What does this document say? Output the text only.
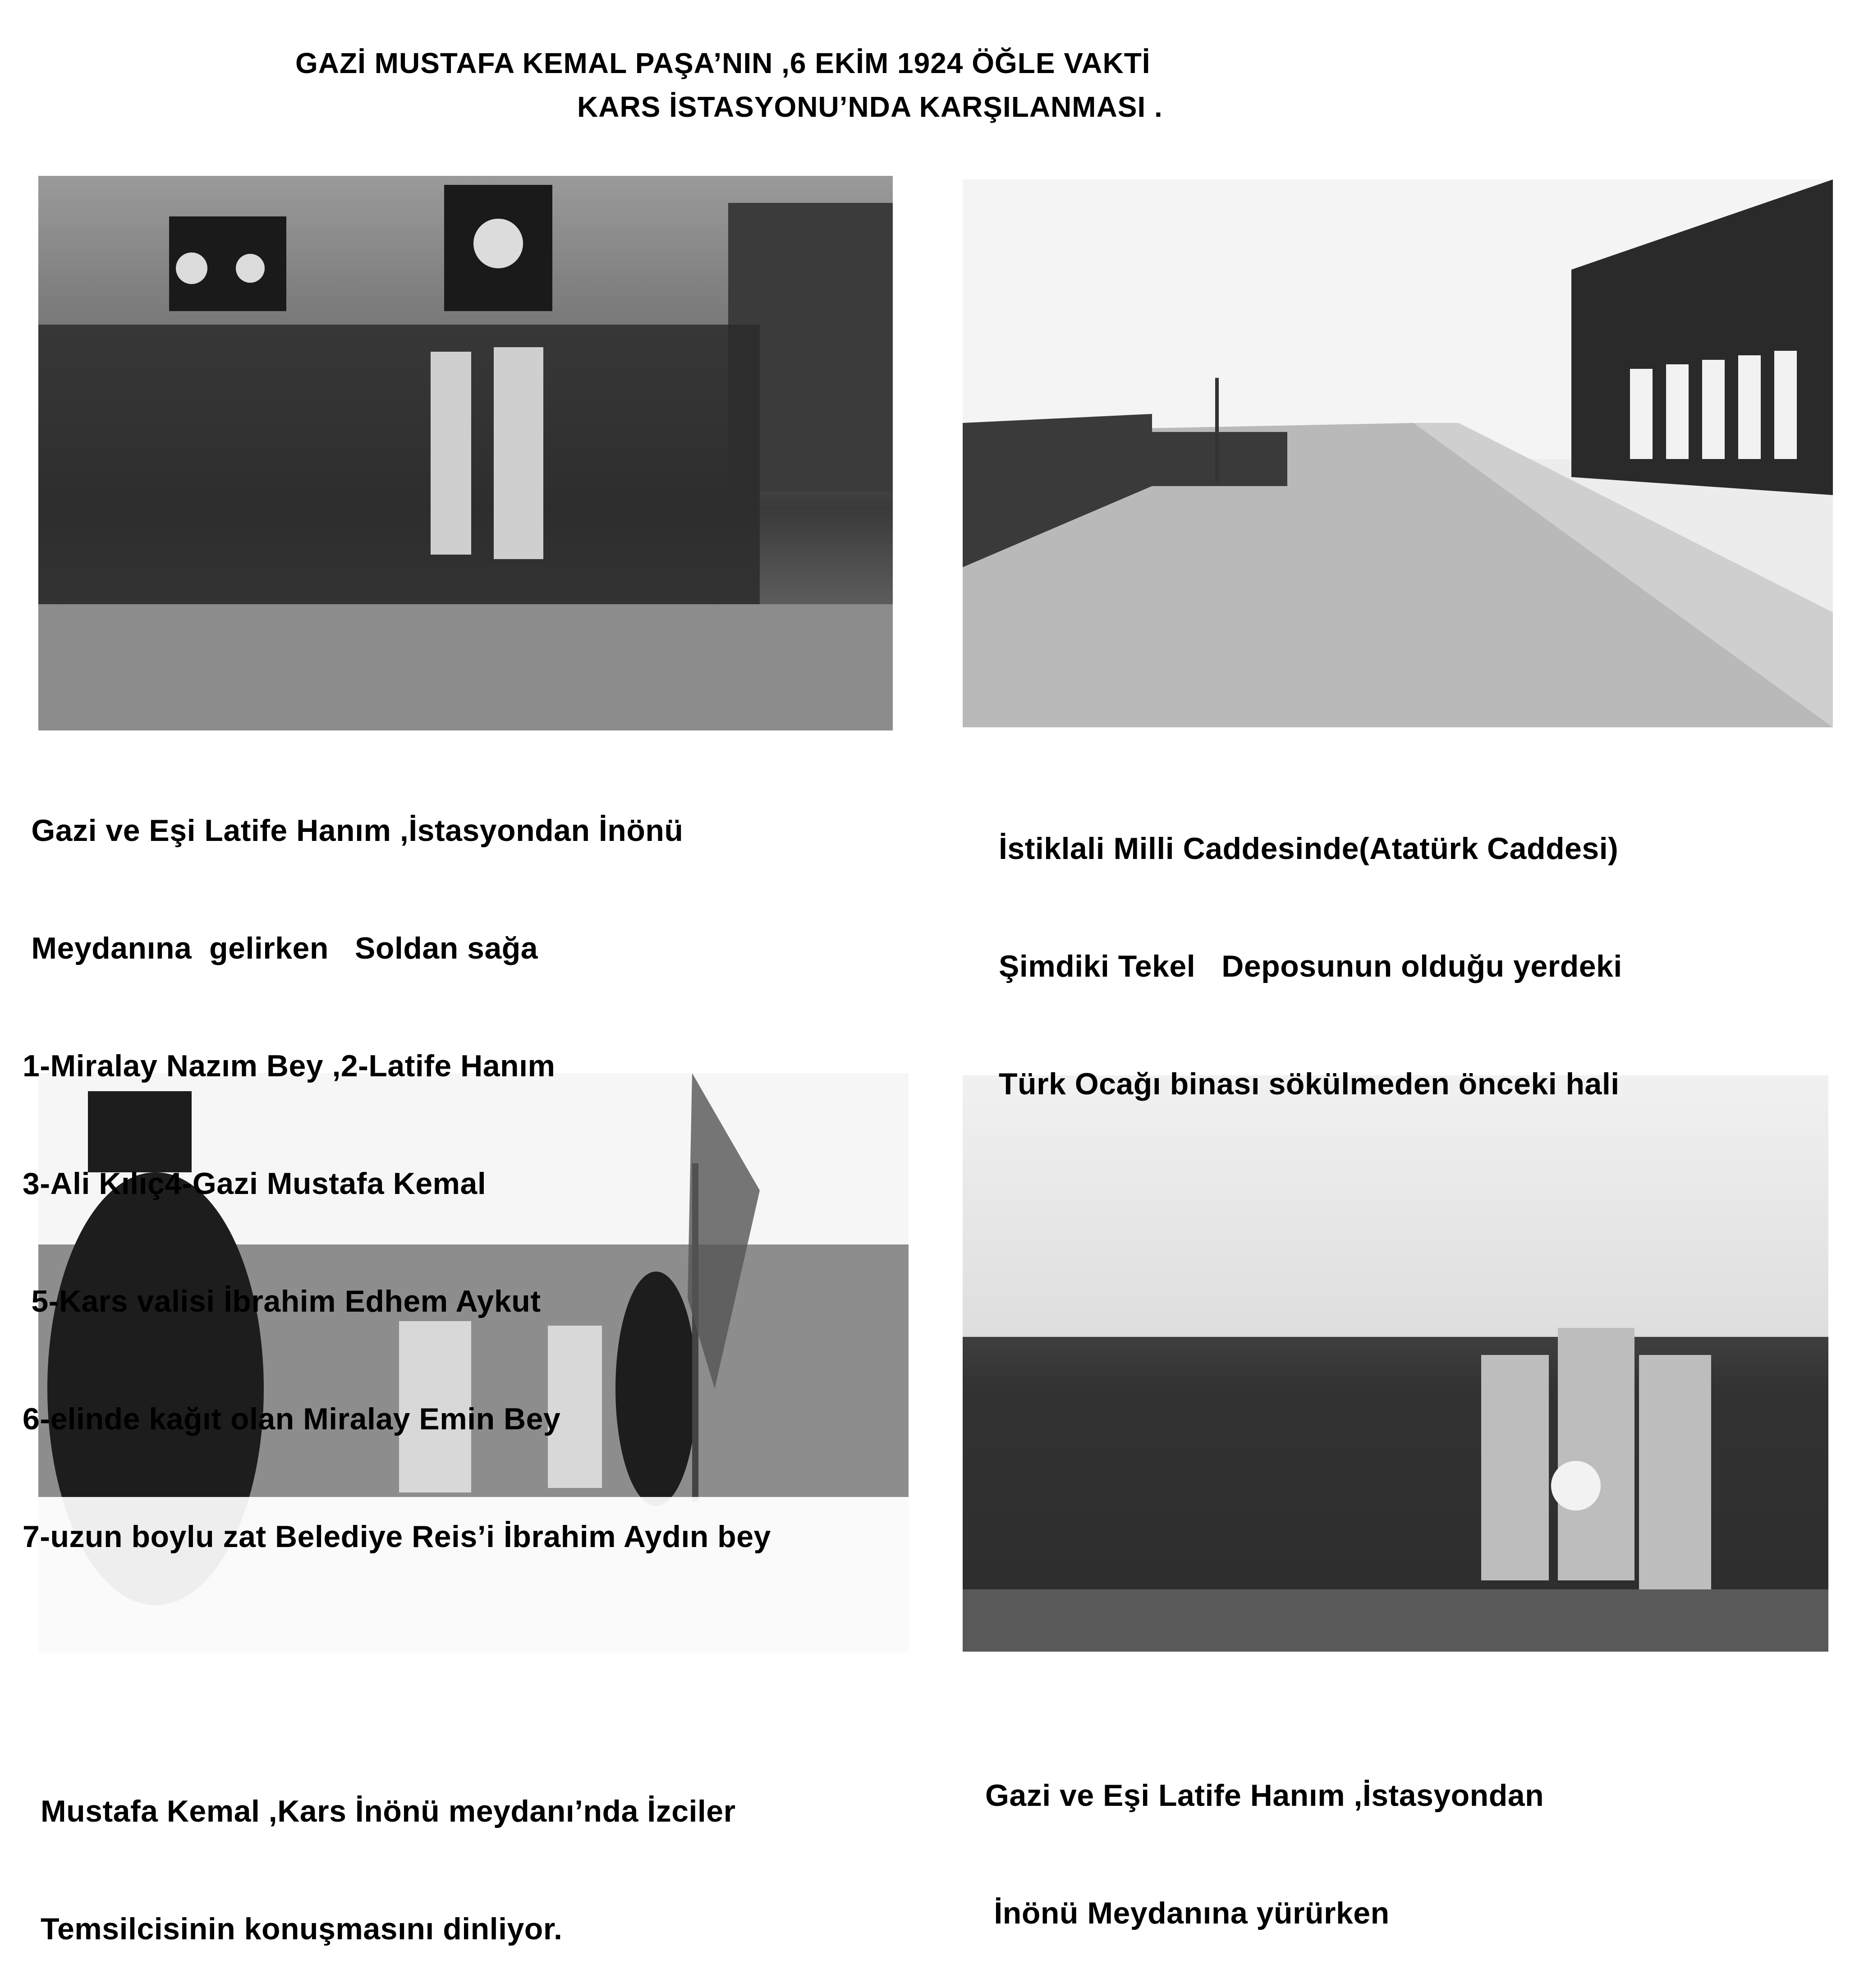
GAZİ MUSTAFA KEMAL PAŞA’NIN ,6 EKİM 1924 ÖĞLE VAKTİ
KARS İSTASYONU’NDA KARŞILANMASI .

Gazi ve Eşi Latife Hanım ,İstasyondan İnönü

Meydanına  gelirken   Soldan sağa

1-Miralay Nazım Bey ,2-Latife Hanım

3-Ali Kılıç4-Gazi Mustafa Kemal

5-Kars valisi İbrahim Edhem Aykut

6-elinde kağıt olan Miralay Emin Bey

7-uzun boylu zat Belediye Reis’i İbrahim Aydın bey

İstiklali Milli Caddesinde(Atatürk Caddesi)

Şimdiki Tekel   Deposunun olduğu yerdeki

Türk Ocağı binası sökülmeden önceki hali

Mustafa Kemal ,Kars İnönü meydanı’nda İzciler

Temsilcisinin konuşmasını dinliyor.

Gazi ve Eşi Latife Hanım ,İstasyondan

İnönü Meydanına yürürken
